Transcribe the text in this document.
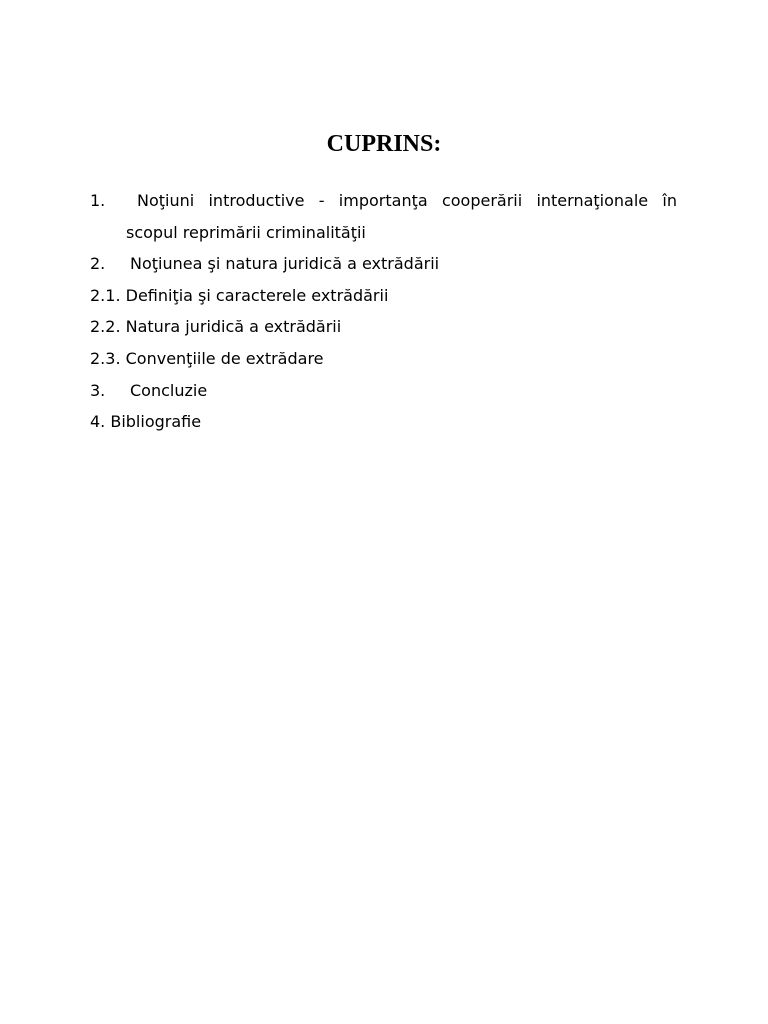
CUPRINS:
1. Noţiuni introductive - importanţa cooperării internaţionale în
scopul reprimării criminalităţii
2. Noţiunea şi natura juridică a extrădării
2.1. Definiţia şi caracterele extrădării
2.2. Natura juridică a extrădării
2.3. Convenţiile de extrădare
3. Concluzie
4. Bibliografie
